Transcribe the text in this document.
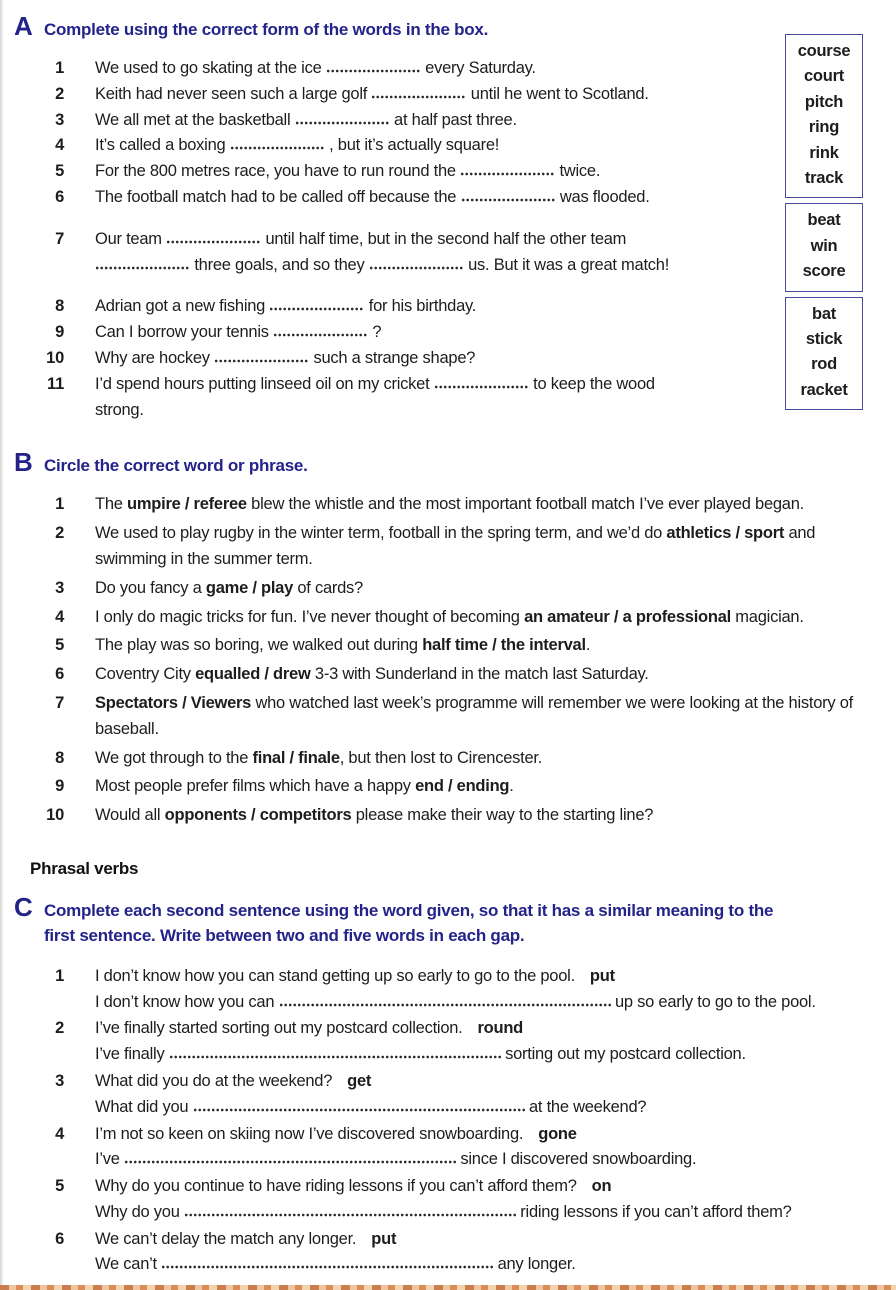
A Complete using the correct form of the words in the box.
1 We used to go skating at the ice	every Saturday.
2 Keith had never seen such a large golf	until he went to Scotland.
3 We all met at the basketball	at half past three.
4 It’s called a boxing	, but it’s actually square!
5 For the 800 metres race, you have to run round the	twice.
6 The football match had to be called off because the	was flooded.
7 Our team	until half time, but in the second half the other team
three goals, and so they	us. But it was a great match!
8 Adrian got a new fishing	for his birthday.
9 Can I borrow your tennis	?
10 Why are hockey	such a strange shape?
11 I’d spend hours putting linseed oil on my cricket	to keep the wood
strong.
course
court
pitch
ring
rink
track
beat
win
score
bat
stick
rod
racket
B Circle the correct word or phrase.
1 The umpire / referee blew the whistle and the most important football match I’ve ever played began.
2 We used to play rugby in the winter term, football in the spring term, and we’d do athletics / sport and swimming in the summer term.
3 Do you fancy a game / play of cards?
4 I only do magic tricks for fun. I’ve never thought of becoming an amateur / a professional magician.
5 The play was so boring, we walked out during half time / the interval.
6 Coventry City equalled / drew 3-3 with Sunderland in the match last Saturday.
7 Spectators / Viewers who watched last week’s programme will remember we were looking at the history of baseball.
8 We got through to the final / finale, but then lost to Cirencester.
9 Most people prefer films which have a happy end / ending.
10 Would all opponents / competitors please make their way to the starting line?
Phrasal verbs
C Complete each second sentence using the word given, so that it has a similar meaning to the first sentence. Write between two and five words in each gap.
1 I don’t know how you can stand getting up so early to go to the pool. put
I don’t know how you can	up so early to go to the pool.
2 I’ve finally started sorting out my postcard collection. round
I’ve finally	sorting out my postcard collection.
3 What did you do at the weekend? get
What did you	at the weekend?
4 I’m not so keen on skiing now I’ve discovered snowboarding. gone
I’ve	since I discovered snowboarding.
5 Why do you continue to have riding lessons if you can’t afford them? on
Why do you	riding lessons if you can’t afford them?
6 We can’t delay the match any longer. put
We can’t	any longer.
